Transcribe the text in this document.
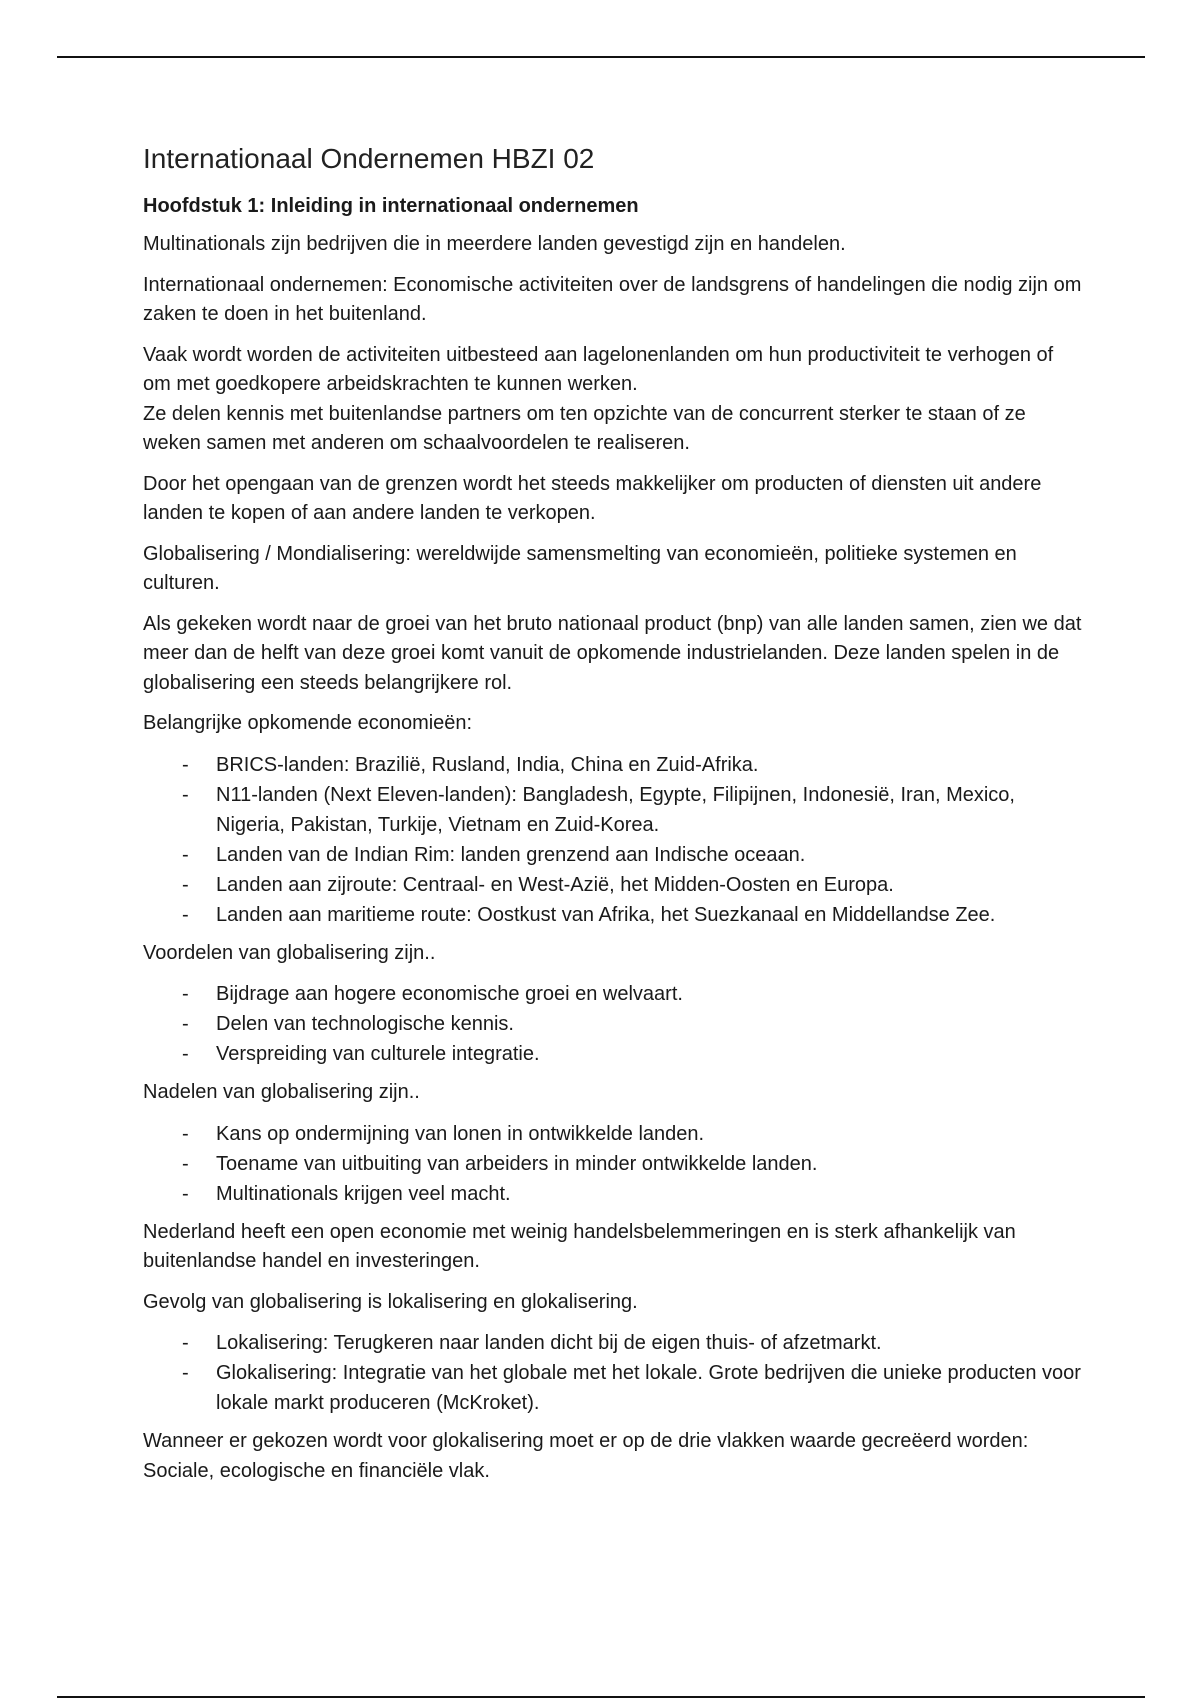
Internationaal Ondernemen HBZI 02
Hoofdstuk 1: Inleiding in internationaal ondernemen

Multinationals zijn bedrijven die in meerdere landen gevestigd zijn en handelen.

Internationaal ondernemen: Economische activiteiten over de landsgrens of handelingen die nodig zijn om zaken te doen in het buitenland.

Vaak wordt worden de activiteiten uitbesteed aan lagelonenlanden om hun productiviteit te verhogen of om met goedkopere arbeidskrachten te kunnen werken.
Ze delen kennis met buitenlandse partners om ten opzichte van de concurrent sterker te staan of ze weken samen met anderen om schaalvoordelen te realiseren.

Door het opengaan van de grenzen wordt het steeds makkelijker om producten of diensten uit andere landen te kopen of aan andere landen te verkopen.

Globalisering / Mondialisering: wereldwijde samensmelting van economieën, politieke systemen en culturen.

Als gekeken wordt naar de groei van het bruto nationaal product (bnp) van alle landen samen, zien we dat meer dan de helft van deze groei komt vanuit de opkomende industrielanden. Deze landen spelen in de globalisering een steeds belangrijkere rol.

Belangrijke opkomende economieën:

- BRICS-landen: Brazilië, Rusland, India, China en Zuid-Afrika.
- N11-landen (Next Eleven-landen): Bangladesh, Egypte, Filipijnen, Indonesië, Iran, Mexico, Nigeria, Pakistan, Turkije, Vietnam en Zuid-Korea.
- Landen van de Indian Rim: landen grenzend aan Indische oceaan.
- Landen aan zijroute: Centraal- en West-Azië, het Midden-Oosten en Europa.
- Landen aan maritieme route: Oostkust van Afrika, het Suezkanaal en Middellandse Zee.

Voordelen van globalisering zijn..

- Bijdrage aan hogere economische groei en welvaart.
- Delen van technologische kennis.
- Verspreiding van culturele integratie.

Nadelen van globalisering zijn..

- Kans op ondermijning van lonen in ontwikkelde landen.
- Toename van uitbuiting van arbeiders in minder ontwikkelde landen.
- Multinationals krijgen veel macht.

Nederland heeft een open economie met weinig handelsbelemmeringen en is sterk afhankelijk van buitenlandse handel en investeringen.

Gevolg van globalisering is lokalisering en glokalisering.

- Lokalisering: Terugkeren naar landen dicht bij de eigen thuis- of afzetmarkt.
- Glokalisering: Integratie van het globale met het lokale. Grote bedrijven die unieke producten voor lokale markt produceren (McKroket).

Wanneer er gekozen wordt voor glokalisering moet er op de drie vlakken waarde gecreëerd worden: Sociale, ecologische en financiële vlak.
